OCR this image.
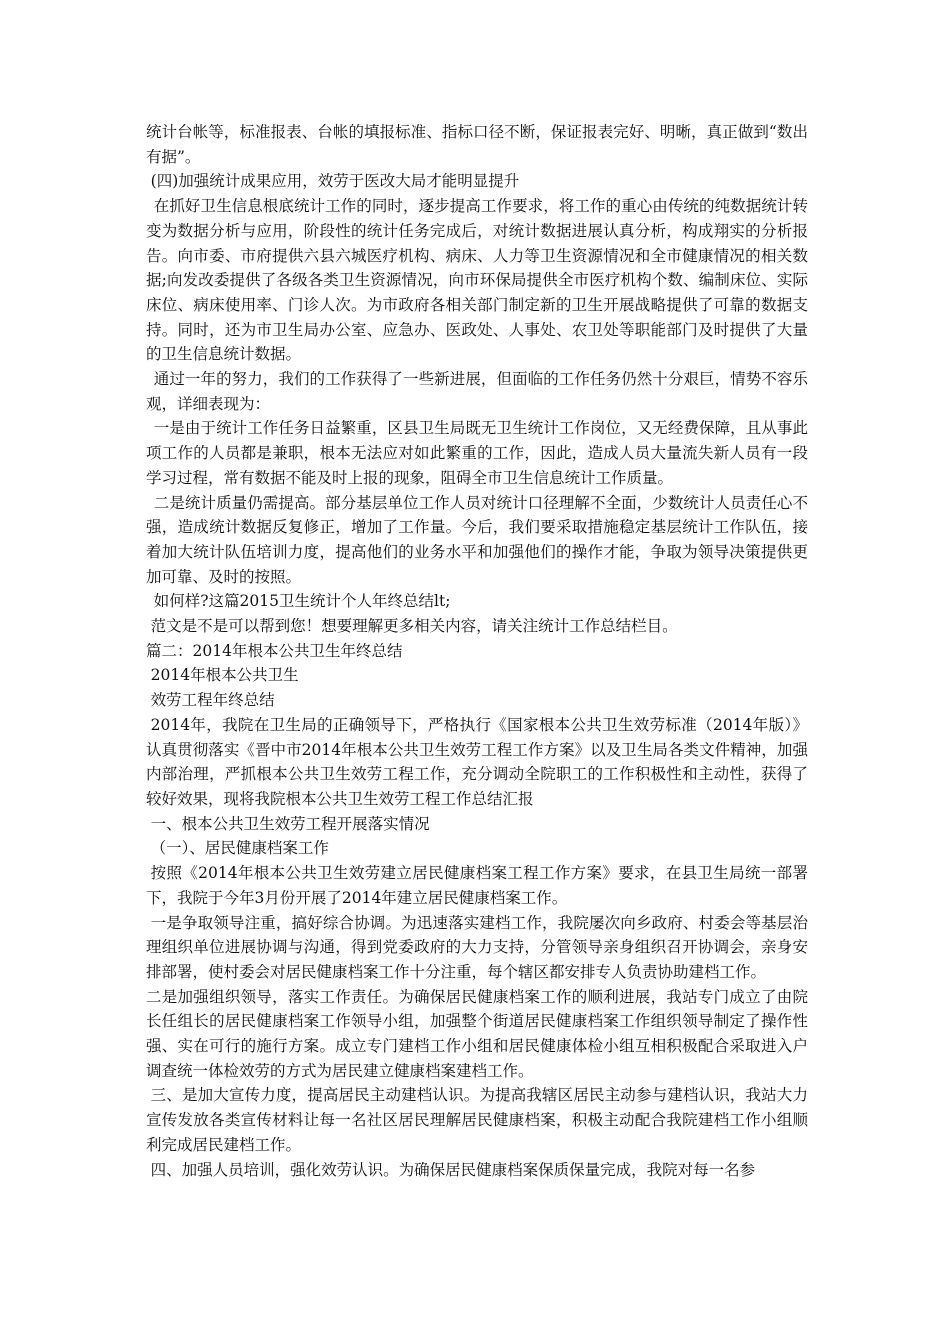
统计台帐等，标准报表、台帐的填报标准、指标口径不断，保证报表完好、明晰，真正做到“数出有据”。

(四)加强统计成果应用，效劳于医改大局才能明显提升

在抓好卫生信息根底统计工作的同时，逐步提高工作要求，将工作的重心由传统的纯数据统计转变为数据分析与应用，阶段性的统计任务完成后，对统计数据进展认真分析，构成翔实的分析报告。向市委、市府提供六县六城医疗机构、病床、人力等卫生资源情况和全市健康情况的相关数据;向发改委提供了各级各类卫生资源情况，向市环保局提供全市医疗机构个数、编制床位、实际床位、病床使用率、门诊人次。为市政府各相关部门制定新的卫生开展战略提供了可靠的数据支持。同时，还为市卫生局办公室、应急办、医政处、人事处、农卫处等职能部门及时提供了大量的卫生信息统计数据。

通过一年的努力，我们的工作获得了一些新进展，但面临的工作任务仍然十分艰巨，情势不容乐观，详细表现为：

一是由于统计工作任务日益繁重，区县卫生局既无卫生统计工作岗位，又无经费保障，且从事此项工作的人员都是兼职，根本无法应对如此繁重的工作，因此，造成人员大量流失新人员有一段学习过程，常有数据不能及时上报的现象，阻碍全市卫生信息统计工作质量。

二是统计质量仍需提高。部分基层单位工作人员对统计口径理解不全面，少数统计人员责任心不强，造成统计数据反复修正，增加了工作量。今后，我们要采取措施稳定基层统计工作队伍，接着加大统计队伍培训力度，提高他们的业务水平和加强他们的操作才能，争取为领导决策提供更加可靠、及时的按照。

如何样?这篇2015卫生统计个人年终总结lt;

范文是不是可以帮到您！想要理解更多相关内容，请关注统计工作总结栏目。

篇二：2014年根本公共卫生年终总结

2014年根本公共卫生

效劳工程年终总结

2014年，我院在卫生局的正确领导下，严格执行《国家根本公共卫生效劳标准（2014年版）》认真贯彻落实《晋中市2014年根本公共卫生效劳工程工作方案》以及卫生局各类文件精神，加强内部治理，严抓根本公共卫生效劳工程工作，充分调动全院职工的工作积极性和主动性，获得了较好效果，现将我院根本公共卫生效劳工程工作总结汇报

一、根本公共卫生效劳工程开展落实情况

（一）、居民健康档案工作

按照《2014年根本公共卫生效劳建立居民健康档案工程工作方案》要求，在县卫生局统一部署下，我院于今年3月份开展了2014年建立居民健康档案工作。

一是争取领导注重，搞好综合协调。为迅速落实建档工作，我院屡次向乡政府、村委会等基层治理组织单位进展协调与沟通，得到党委政府的大力支持，分管领导亲身组织召开协调会，亲身安排部署，使村委会对居民健康档案工作十分注重，每个辖区都安排专人负责协助建档工作。

二是加强组织领导，落实工作责任。为确保居民健康档案工作的顺利进展，我站专门成立了由院长任组长的居民健康档案工作领导小组，加强整个街道居民健康档案工作组织领导制定了操作性强、实在可行的施行方案。成立专门建档工作小组和居民健康体检小组互相积极配合采取进入户调查统一体检效劳的方式为居民建立健康档案建档工作。

三、是加大宣传力度，提高居民主动建档认识。为提高我辖区居民主动参与建档认识，我站大力宣传发放各类宣传材料让每一名社区居民理解居民健康档案，积极主动配合我院建档工作小组顺利完成居民建档工作。

四、加强人员培训，强化效劳认识。为确保居民健康档案保质保量完成，我院对每一名参
